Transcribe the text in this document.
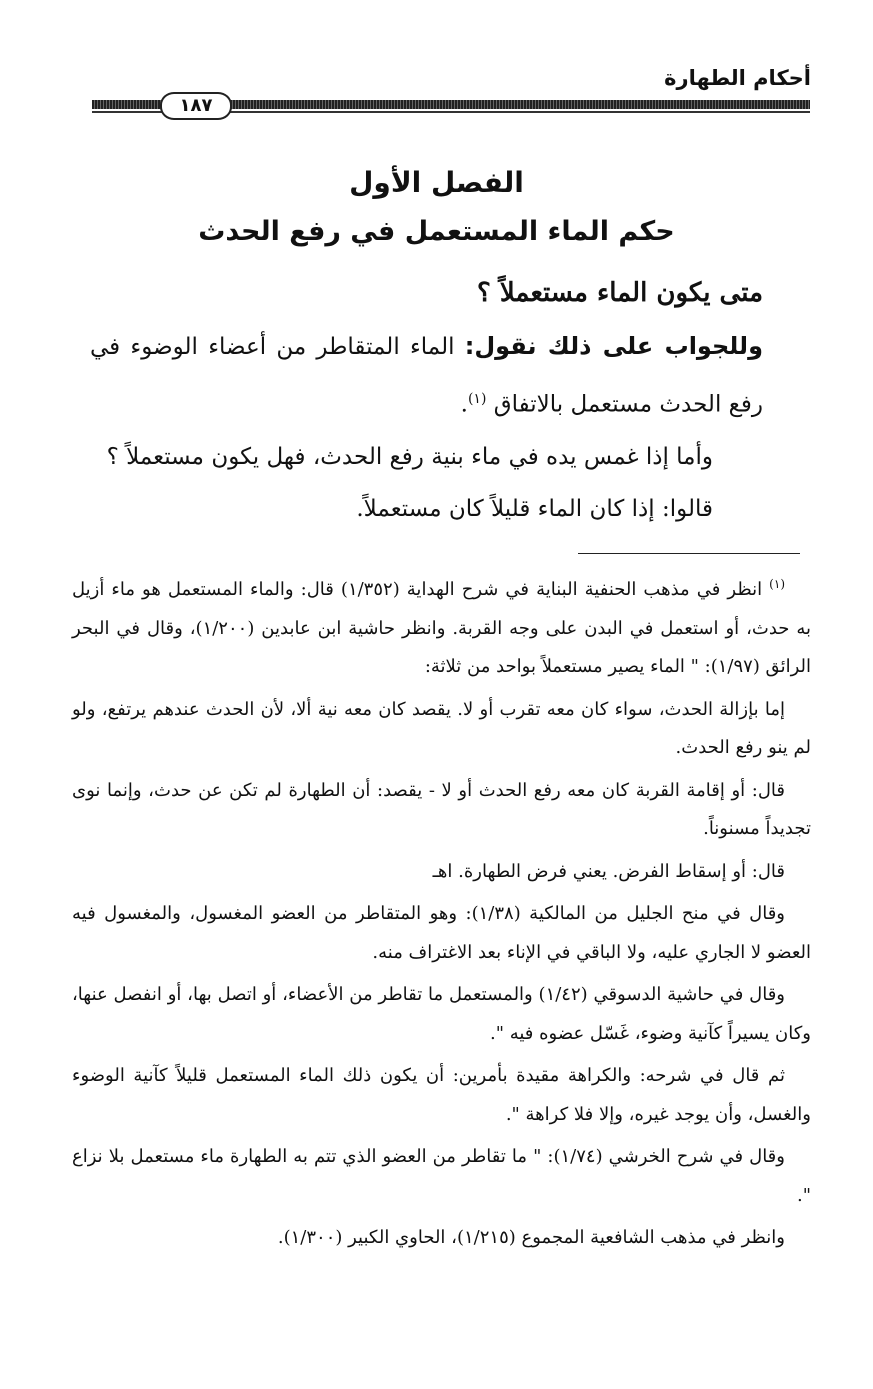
أحكام الطهارة
١٨٧
الفصل الأول
حكم الماء المستعمل في رفع الحدث

متى يكون الماء مستعملاً ؟

وللجواب على ذلك نقول: الماء المتقاطر من أعضاء الوضوء في رفع الحدث مستعمل بالاتفاق $^{(١)}$.

وأما إذا غمس يده في ماء بنية رفع الحدث، فهل يكون مستعملاً ؟

قالوا: إذا كان الماء قليلاً كان مستعملاً.

$^{(١)}$ انظر في مذهب الحنفية البناية في شرح الهداية (١/٣٥٢) قال: والماء المستعمل هو ماء أزيل به حدث، أو استعمل في البدن على وجه القربة. وانظر حاشية ابن عابدين (١/٢٠٠)، وقال في البحر الرائق (١/٩٧): " الماء يصير مستعملاً بواحد من ثلاثة:

إما بإزالة الحدث، سواء كان معه تقرب أو لا. يقصد كان معه نية ألا، لأن الحدث عندهم يرتفع، ولو لم ينو رفع الحدث.

قال: أو إقامة القربة كان معه رفع الحدث أو لا - يقصد: أن الطهارة لم تكن عن حدث، وإنما نوى تجديداً مسنوناً.

قال: أو إسقاط الفرض. يعني فرض الطهارة. اهـ

وقال في منح الجليل من المالكية (١/٣٨): وهو المتقاطر من العضو المغسول، والمغسول فيه العضو لا الجاري عليه، ولا الباقي في الإناء بعد الاغتراف منه.

وقال في حاشية الدسوقي (١/٤٢) والمستعمل ما تقاطر من الأعضاء، أو اتصل بها، أو انفصل عنها، وكان يسيراً كآنية وضوء، غَسّل عضوه فيه ".

ثم قال في شرحه: والكراهة مقيدة بأمرين: أن يكون ذلك الماء المستعمل قليلاً كآنية الوضوء والغسل، وأن يوجد غيره، وإلا فلا كراهة ".

وقال في شرح الخرشي (١/٧٤): " ما تقاطر من العضو الذي تتم به الطهارة ماء مستعمل بلا نزاع ".

وانظر في مذهب الشافعية المجموع (١/٢١٥)، الحاوي الكبير (١/٣٠٠).
